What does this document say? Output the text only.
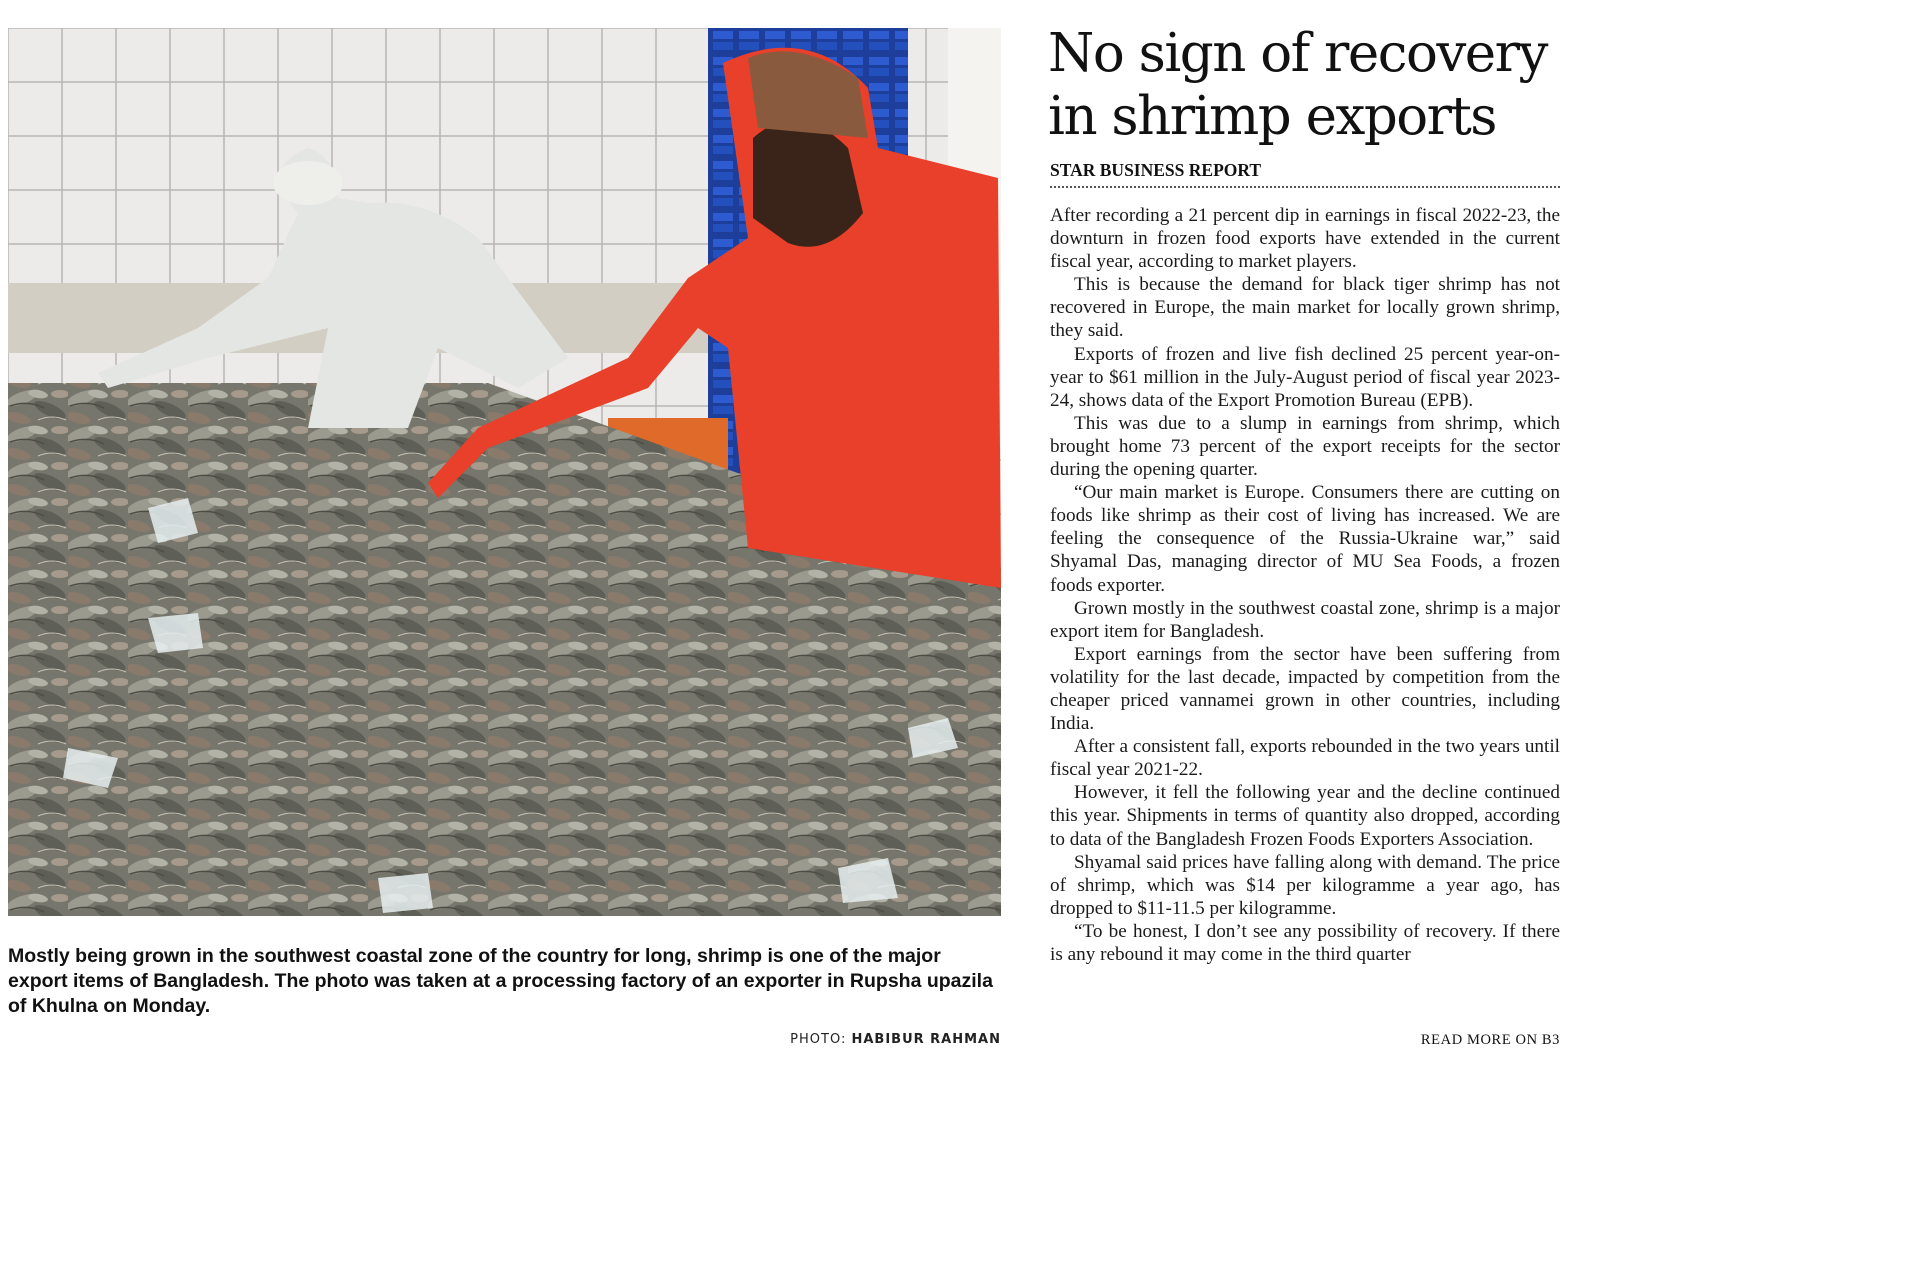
Mostly being grown in the southwest coastal zone of the country for long, shrimp is one of the major export items of Bangladesh. The photo was taken at a processing factory of an exporter in Rupsha upazila of Khulna on Monday.
PHOTO: HABIBUR RAHMAN
No sign of recovery in shrimp exports
STAR BUSINESS REPORT

After recording a 21 percent dip in earnings in fiscal 2022-23, the downturn in frozen food exports have extended in the current fiscal year, according to market players.

This is because the demand for black tiger shrimp has not recovered in Europe, the main market for locally grown shrimp, they said.

Exports of frozen and live fish declined 25 percent year-on-year to $61 million in the July-August period of fiscal year 2023-24, shows data of the Export Promotion Bureau (EPB).

This was due to a slump in earnings from shrimp, which brought home 73 percent of the export receipts for the sector during the opening quarter.

“Our main market is Europe. Consumers there are cutting on foods like shrimp as their cost of living has increased. We are feeling the consequence of the Russia-Ukraine war,” said Shyamal Das, managing director of MU Sea Foods, a frozen foods exporter.

Grown mostly in the southwest coastal zone, shrimp is a major export item for Bangladesh.

Export earnings from the sector have been suffering from volatility for the last decade, impacted by competition from the cheaper priced vannamei grown in other countries, including India.

After a consistent fall, exports rebounded in the two years until fiscal year 2021-22.

However, it fell the following year and the decline continued this year. Shipments in terms of quantity also dropped, according to data of the Bangladesh Frozen Foods Exporters Association.

Shyamal said prices have falling along with demand. The price of shrimp, which was $14 per kilogramme a year ago, has dropped to $11-11.5 per kilogramme.

“To be honest, I don’t see any possibility of recovery. If there is any rebound it may come in the third quarter

READ MORE ON B3
